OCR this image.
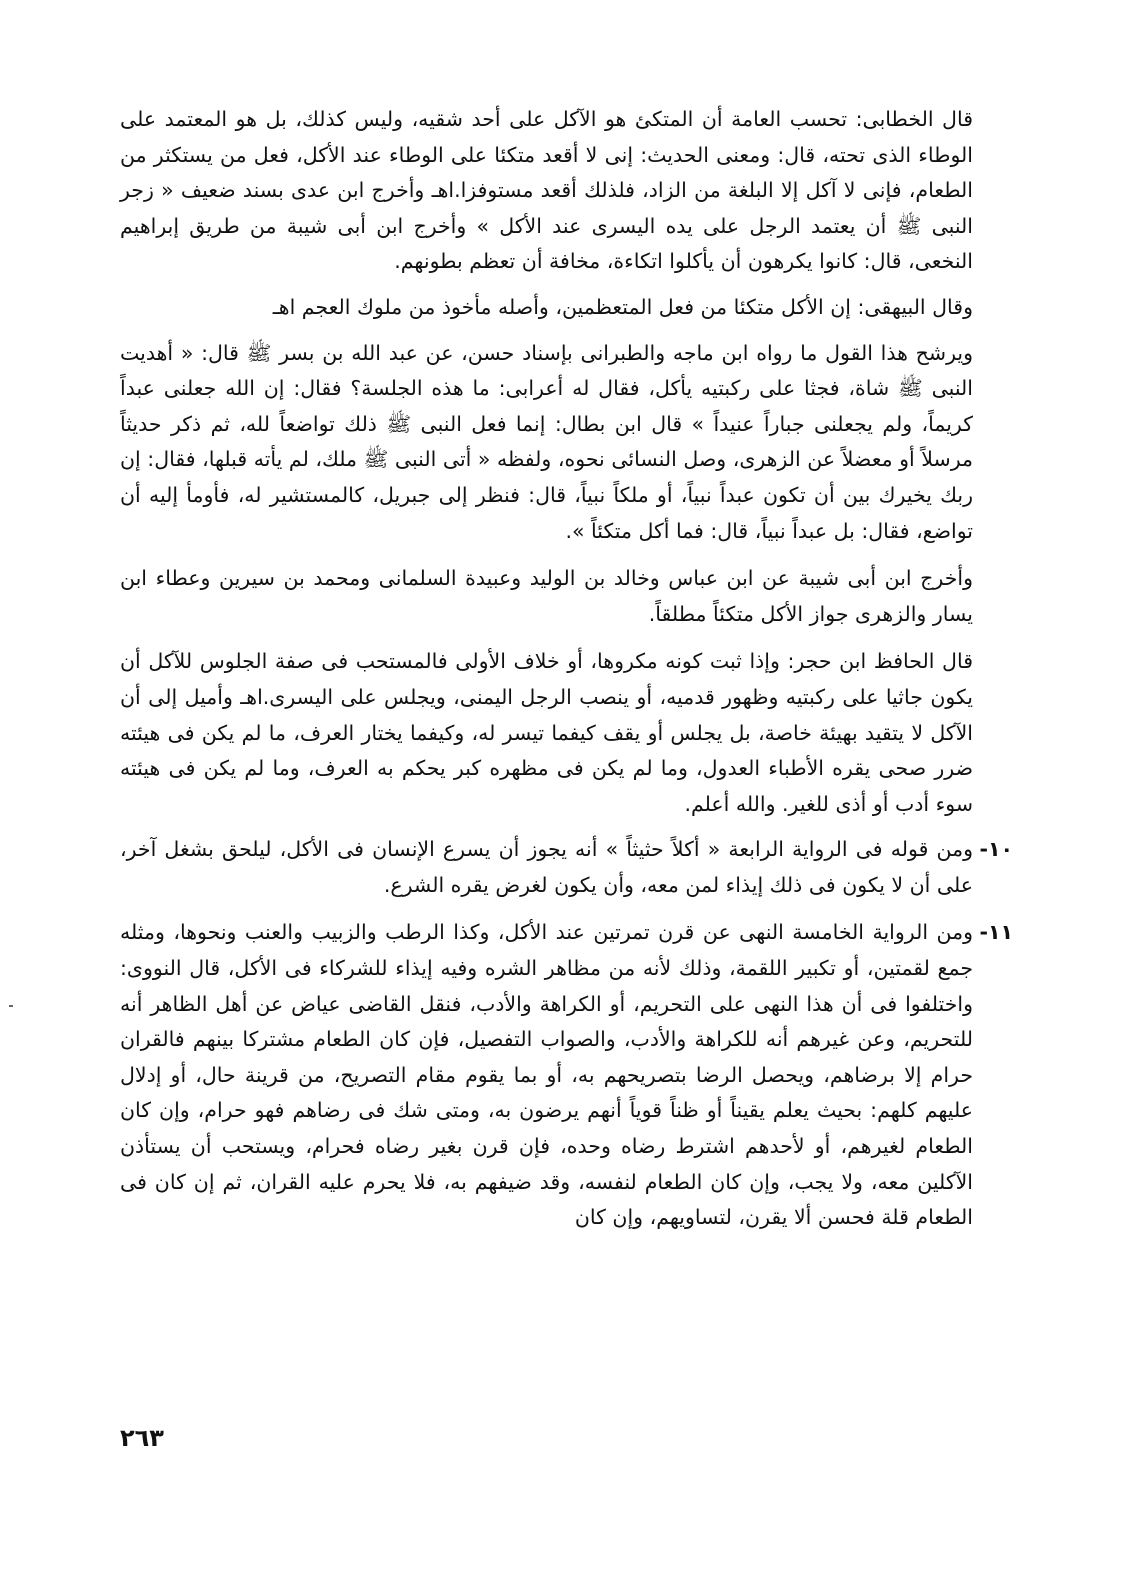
قال الخطابى: تحسب العامة أن المتكئ هو الآكل على أحد شقيه، وليس كذلك، بل هو المعتمد على الوطاء الذى تحته، قال: ومعنى الحديث: إنى لا أقعد متكئا على الوطاء عند الأكل، فعل من يستكثر من الطعام، فإنى لا آكل إلا البلغة من الزاد، فلذلك أقعد مستوفزا.اهـ وأخرج ابن عدى بسند ضعيف « زجر النبى ﷺ أن يعتمد الرجل على يده اليسرى عند الأكل » وأخرج ابن أبى شيبة من طريق إبراهيم النخعى، قال: كانوا يكرهون أن يأكلوا اتكاءة، مخافة أن تعظم بطونهم.

وقال البيهقى: إن الأكل متكئا من فعل المتعظمين، وأصله مأخوذ من ملوك العجم اهـ

ويرشح هذا القول ما رواه ابن ماجه والطبرانى بإسناد حسن، عن عبد الله بن بسر ﷺ قال: « أهديت النبى ﷺ شاة، فجثا على ركبتيه يأكل، فقال له أعرابى: ما هذه الجلسة؟ فقال: إن الله جعلنى عبداً كريماً، ولم يجعلنى جباراً عنيداً » قال ابن بطال: إنما فعل النبى ﷺ ذلك تواضعاً لله، ثم ذكر حديثاً مرسلاً أو معضلاً عن الزهرى، وصل النسائى نحوه، ولفظه « أتى النبى ﷺ ملك، لم يأته قبلها، فقال: إن ربك يخيرك بين أن تكون عبداً نبياً، أو ملكاً نبياً، قال: فنظر إلى جبريل، كالمستشير له، فأومأ إليه أن تواضع، فقال: بل عبداً نبياً، قال: فما أكل متكئاً ».

وأخرج ابن أبى شيبة عن ابن عباس وخالد بن الوليد وعبيدة السلمانى ومحمد بن سيرين وعطاء ابن يسار والزهرى جواز الأكل متكئاً مطلقاً.

قال الحافظ ابن حجر: وإذا ثبت كونه مكروها، أو خلاف الأولى فالمستحب فى صفة الجلوس للآكل أن يكون جاثيا على ركبتيه وظهور قدميه، أو ينصب الرجل اليمنى، ويجلس على اليسرى.اهـ وأميل إلى أن الآكل لا يتقيد بهيئة خاصة، بل يجلس أو يقف كيفما تيسر له، وكيفما يختار العرف، ما لم يكن فى هيئته ضرر صحى يقره الأطباء العدول، وما لم يكن فى مظهره كبر يحكم به العرف، وما لم يكن فى هيئته سوء أدب أو أذى للغير. والله أعلم.

١٠-
ومن قوله فى الرواية الرابعة « أكلاً حثيثاً » أنه يجوز أن يسرع الإنسان فى الأكل، ليلحق بشغل آخر، على أن لا يكون فى ذلك إيذاء لمن معه، وأن يكون لغرض يقره الشرع.
١١-
ومن الرواية الخامسة النهى عن قرن تمرتين عند الأكل، وكذا الرطب والزبيب والعنب ونحوها، ومثله جمع لقمتين، أو تكبير اللقمة، وذلك لأنه من مظاهر الشره وفيه إيذاء للشركاء فى الأكل، قال النووى: واختلفوا فى أن هذا النهى على التحريم، أو الكراهة والأدب، فنقل القاضى عياض عن أهل الظاهر أنه للتحريم، وعن غيرهم أنه للكراهة والأدب، والصواب التفصيل، فإن كان الطعام مشتركا بينهم فالقران حرام إلا برضاهم، ويحصل الرضا بتصريحهم به، أو بما يقوم مقام التصريح، من قرينة حال، أو إدلال عليهم كلهم: بحيث يعلم يقيناً أو ظناً قوياً أنهم يرضون به، ومتى شك فى رضاهم فهو حرام، وإن كان الطعام لغيرهم، أو لأحدهم اشترط رضاه وحده، فإن قرن بغير رضاه فحرام، ويستحب أن يستأذن الآكلين معه، ولا يجب، وإن كان الطعام لنفسه، وقد ضيفهم به، فلا يحرم عليه القران، ثم إن كان فى الطعام قلة فحسن ألا يقرن، لتساويهم، وإن كان
٢٦٣
